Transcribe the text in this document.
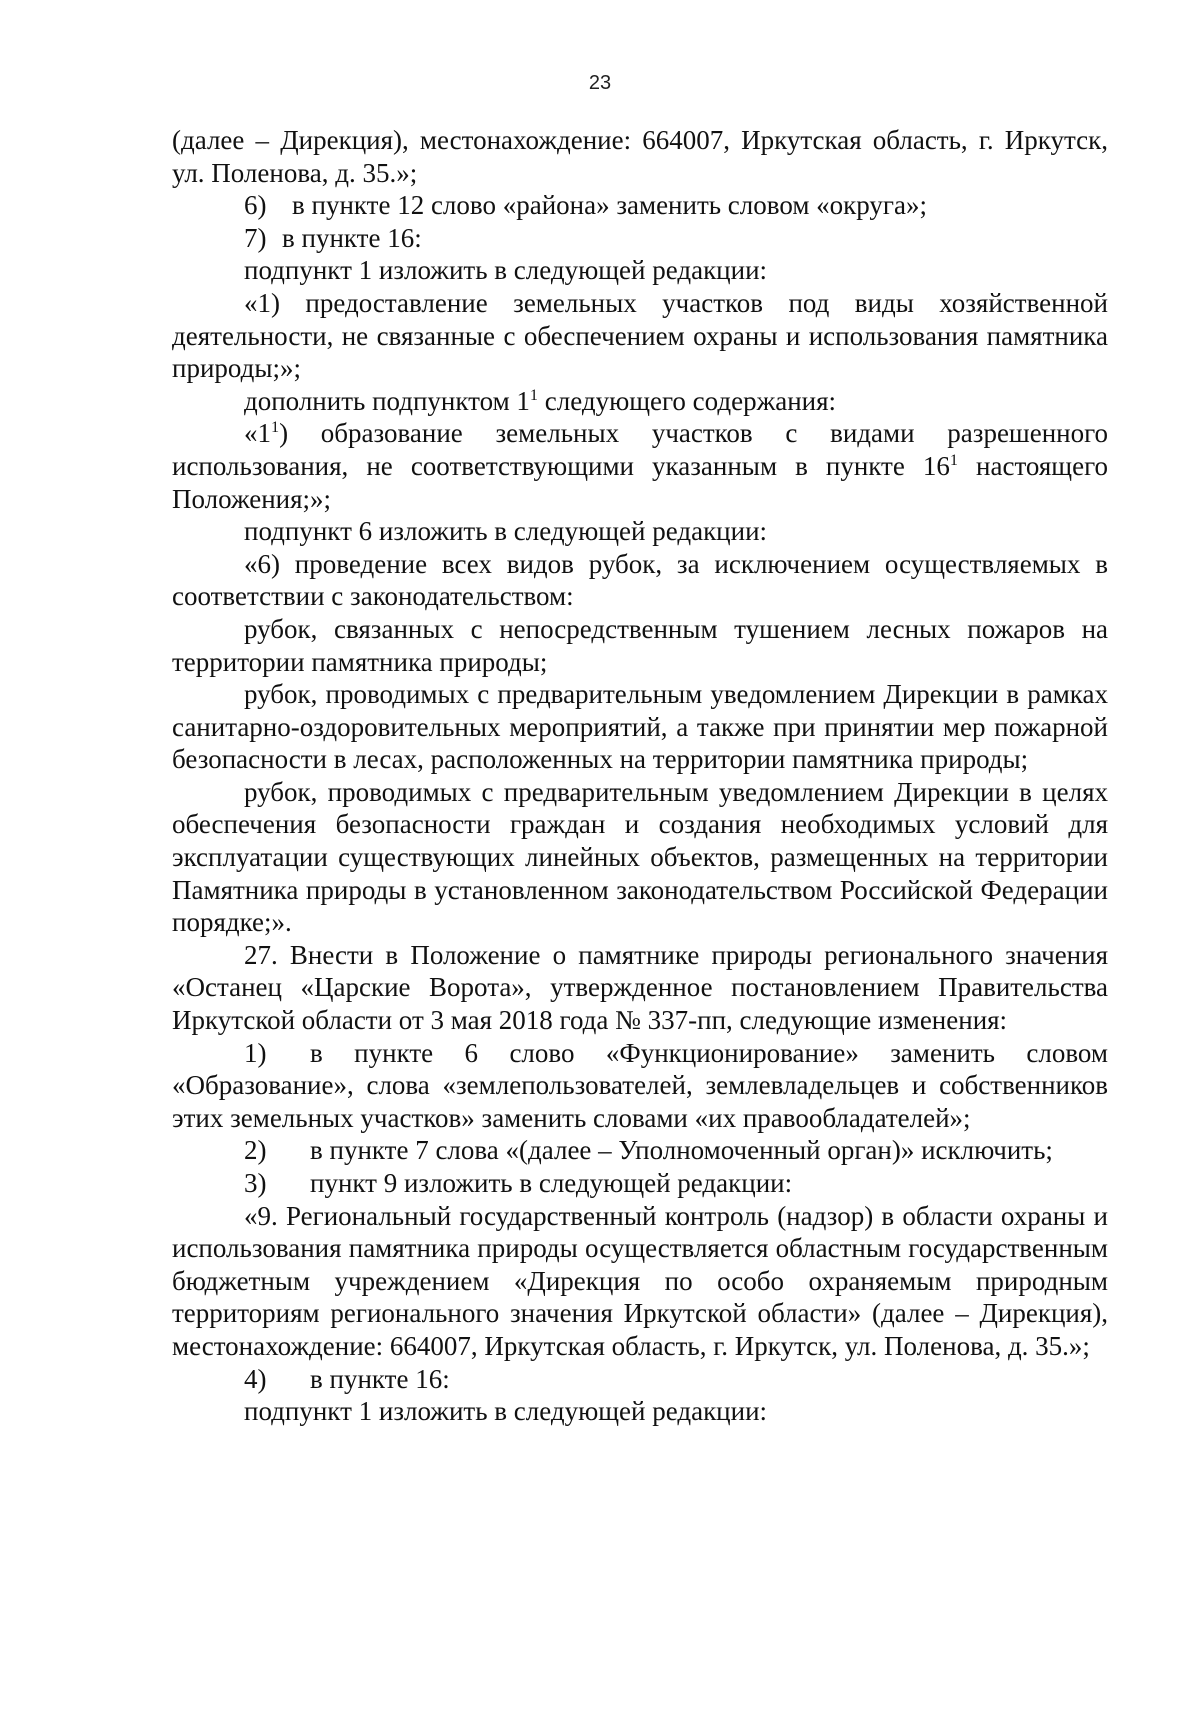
23

(далее – Дирекция), местонахождение: 664007, Иркутская область, г. Иркутск, ул. Поленова, д. 35.»;

6) в пункте 12 слово «района» заменить словом «округа»;

7) в пункте 16:

подпункт 1 изложить в следующей редакции:

«1) предоставление земельных участков под виды хозяйственной деятельности, не связанные с обеспечением охраны и использования памятника природы;»;

дополнить подпунктом $1^1$ следующего содержания:

«$1^1$) образование земельных участков с видами разрешенного использования, не соответствующими указанным в пункте $16^1$ настоящего Положения;»;

подпункт 6 изложить в следующей редакции:

«6) проведение всех видов рубок, за исключением осуществляемых в соответствии с законодательством:

рубок, связанных с непосредственным тушением лесных пожаров на территории памятника природы;

рубок, проводимых с предварительным уведомлением Дирекции в рамках санитарно-оздоровительных мероприятий, а также при принятии мер пожарной безопасности в лесах, расположенных на территории памятника природы;

рубок, проводимых с предварительным уведомлением Дирекции в целях обеспечения безопасности граждан и создания необходимых условий для эксплуатации существующих линейных объектов, размещенных на территории Памятника природы в установленном законодательством Российской Федерации порядке;».

27. Внести в Положение о памятнике природы регионального значения «Останец «Царские Ворота», утвержденное постановлением Правительства Иркутской области от 3 мая 2018 года № 337-пп, следующие изменения:

1) в пункте 6 слово «Функционирование» заменить словом «Образование», слова «землепользователей, землевладельцев и собственников этих земельных участков» заменить словами «их правообладателей»;

2) в пункте 7 слова «(далее – Уполномоченный орган)» исключить;

3) пункт 9 изложить в следующей редакции:

«9. Региональный государственный контроль (надзор) в области охраны и использования памятника природы осуществляется областным государственным бюджетным учреждением «Дирекция по особо охраняемым природным территориям регионального значения Иркутской области» (далее – Дирекция), местонахождение: 664007, Иркутская область, г. Иркутск, ул. Поленова, д. 35.»;

4) в пункте 16:

подпункт 1 изложить в следующей редакции:
